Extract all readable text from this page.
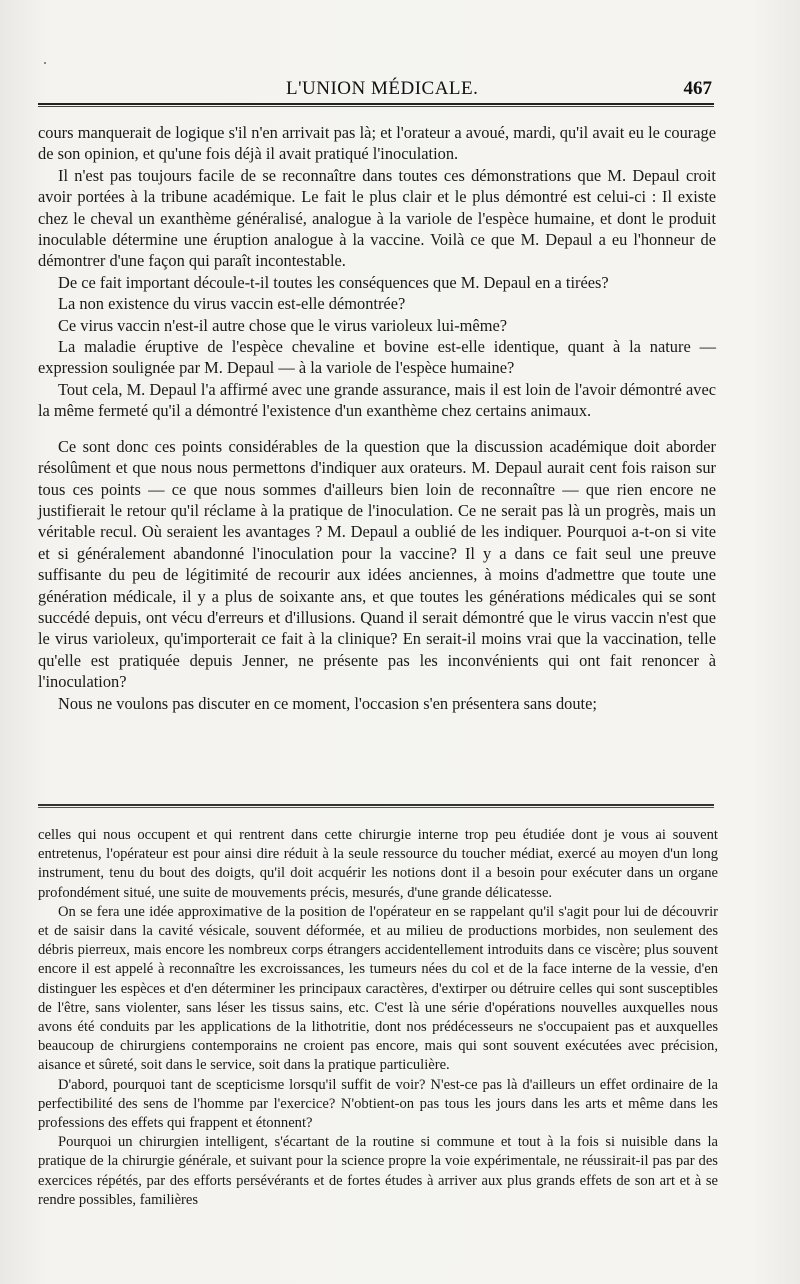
L'UNION MÉDICALE.	467

cours manquerait de logique s'il n'en arrivait pas là; et l'orateur a avoué, mardi, qu'il avait eu le courage de son opinion, et qu'une fois déjà il avait pratiqué l'inoculation.

Il n'est pas toujours facile de se reconnaître dans toutes ces démonstrations que M. Depaul croit avoir portées à la tribune académique. Le fait le plus clair et le plus démontré est celui-ci : Il existe chez le cheval un exanthème généralisé, analogue à la variole de l'espèce humaine, et dont le produit inoculable détermine une éruption analogue à la vaccine. Voilà ce que M. Depaul a eu l'honneur de démontrer d'une façon qui paraît incontestable.

De ce fait important découle-t-il toutes les conséquences que M. Depaul en a tirées?

La non existence du virus vaccin est-elle démontrée?

Ce virus vaccin n'est-il autre chose que le virus varioleux lui-même?

La maladie éruptive de l'espèce chevaline et bovine est-elle identique, quant à la nature — expression soulignée par M. Depaul — à la variole de l'espèce humaine?

Tout cela, M. Depaul l'a affirmé avec une grande assurance, mais il est loin de l'avoir démontré avec la même fermeté qu'il a démontré l'existence d'un exanthème chez certains animaux.

Ce sont donc ces points considérables de la question que la discussion académique doit aborder résolûment et que nous nous permettons d'indiquer aux orateurs. M. Depaul aurait cent fois raison sur tous ces points — ce que nous sommes d'ailleurs bien loin de reconnaître — que rien encore ne justifierait le retour qu'il réclame à la pratique de l'inoculation. Ce ne serait pas là un progrès, mais un véritable recul. Où seraient les avantages ? M. Depaul a oublié de les indiquer. Pourquoi a-t-on si vite et si généralement abandonné l'inoculation pour la vaccine? Il y a dans ce fait seul une preuve suffisante du peu de légitimité de recourir aux idées anciennes, à moins d'admettre que toute une génération médicale, il y a plus de soixante ans, et que toutes les générations médicales qui se sont succédé depuis, ont vécu d'erreurs et d'illusions. Quand il serait démontré que le virus vaccin n'est que le virus varioleux, qu'importerait ce fait à la clinique? En serait-il moins vrai que la vaccination, telle qu'elle est pratiquée depuis Jenner, ne présente pas les inconvénients qui ont fait renoncer à l'inoculation?

Nous ne voulons pas discuter en ce moment, l'occasion s'en présentera sans doute;

celles qui nous occupent et qui rentrent dans cette chirurgie interne trop peu étudiée dont je vous ai souvent entretenus, l'opérateur est pour ainsi dire réduit à la seule ressource du toucher médiat, exercé au moyen d'un long instrument, tenu du bout des doigts, qu'il doit acquérir les notions dont il a besoin pour exécuter dans un organe profondément situé, une suite de mouvements précis, mesurés, d'une grande délicatesse.

On se fera une idée approximative de la position de l'opérateur en se rappelant qu'il s'agit pour lui de découvrir et de saisir dans la cavité vésicale, souvent déformée, et au milieu de productions morbides, non seulement des débris pierreux, mais encore les nombreux corps étrangers accidentellement introduits dans ce viscère; plus souvent encore il est appelé à reconnaître les excroissances, les tumeurs nées du col et de la face interne de la vessie, d'en distinguer les espèces et d'en déterminer les principaux caractères, d'extirper ou détruire celles qui sont susceptibles de l'être, sans violenter, sans léser les tissus sains, etc. C'est là une série d'opérations nouvelles auxquelles nous avons été conduits par les applications de la lithotritie, dont nos prédécesseurs ne s'occupaient pas et auxquelles beaucoup de chirurgiens contemporains ne croient pas encore, mais qui sont souvent exécutées avec précision, aisance et sûreté, soit dans le service, soit dans la pratique particulière.

D'abord, pourquoi tant de scepticisme lorsqu'il suffit de voir? N'est-ce pas là d'ailleurs un effet ordinaire de la perfectibilité des sens de l'homme par l'exercice? N'obtient-on pas tous les jours dans les arts et même dans les professions des effets qui frappent et étonnent?

Pourquoi un chirurgien intelligent, s'écartant de la routine si commune et tout à la fois si nuisible dans la pratique de la chirurgie générale, et suivant pour la science propre la voie expérimentale, ne réussirait-il pas par des exercices répétés, par des efforts persévérants et de fortes études à arriver aux plus grands effets de son art et à se rendre possibles, familières
